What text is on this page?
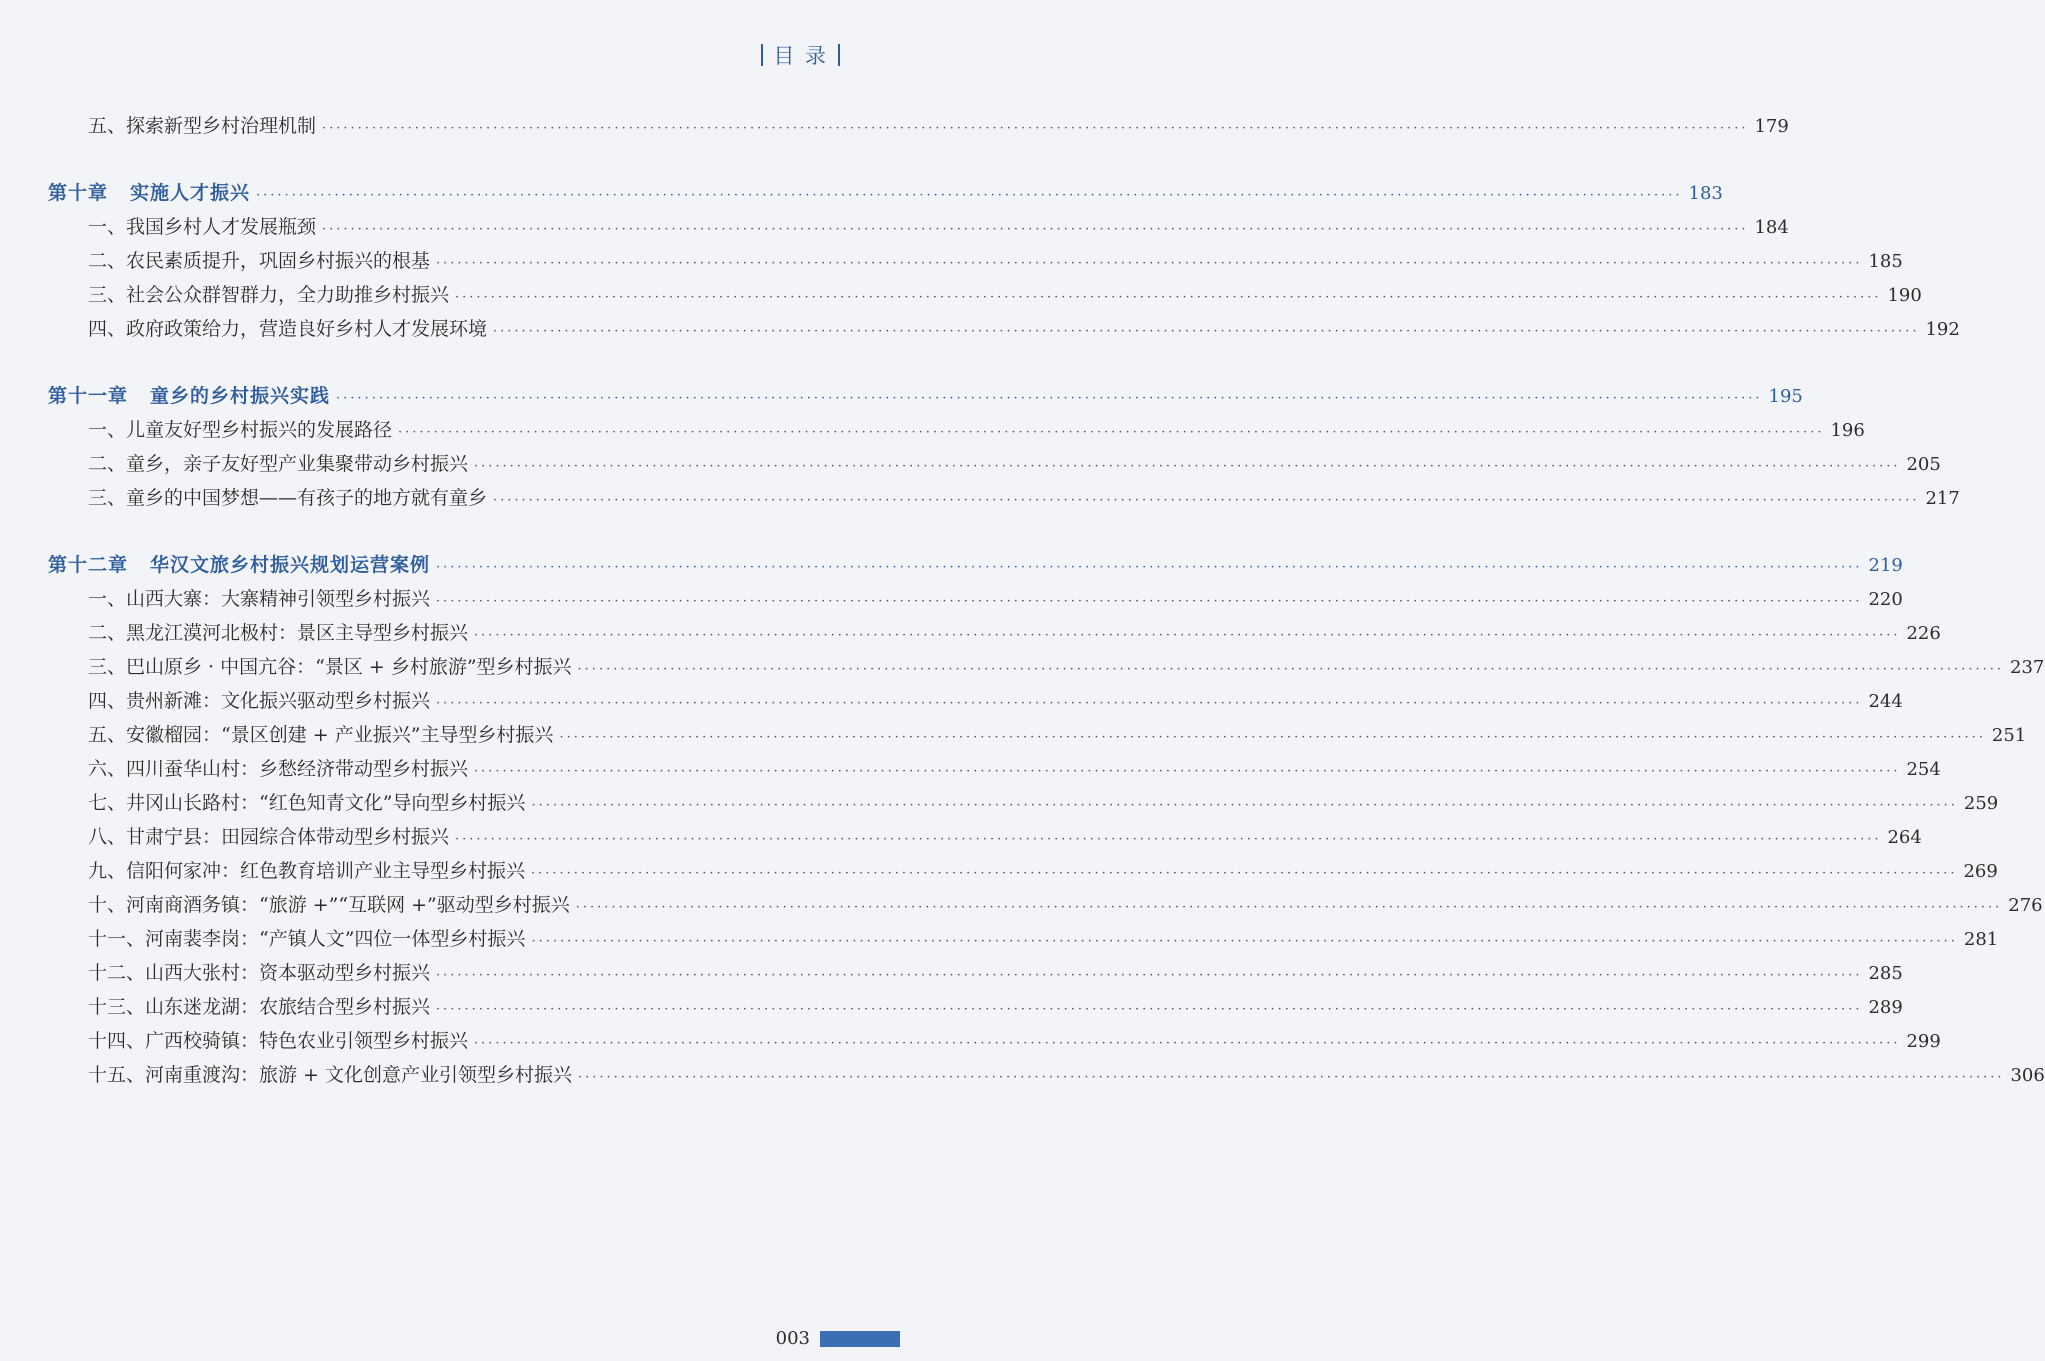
目 录
五、探索新型乡村治理机制 ········································································································································································································ 179
第十章 实施人才振兴 ········································································································································································································ 183
一、我国乡村人才发展瓶颈 ········································································································································································································ 184
二、农民素质提升，巩固乡村振兴的根基 ········································································································································································································ 185
三、社会公众群智群力，全力助推乡村振兴 ········································································································································································································ 190
四、政府政策给力，营造良好乡村人才发展环境 ········································································································································································································ 192
第十一章 童乡的乡村振兴实践 ········································································································································································································ 195
一、儿童友好型乡村振兴的发展路径 ········································································································································································································ 196
二、童乡，亲子友好型产业集聚带动乡村振兴 ········································································································································································································ 205
三、童乡的中国梦想——有孩子的地方就有童乡 ········································································································································································································ 217
第十二章 华汉文旅乡村振兴规划运营案例 ········································································································································································································ 219
一、山西大寨：大寨精神引领型乡村振兴 ········································································································································································································ 220
二、黑龙江漠河北极村：景区主导型乡村振兴 ········································································································································································································ 226
三、巴山原乡 · 中国亢谷：“景区 + 乡村旅游”型乡村振兴 ········································································································································································································ 237
四、贵州新滩：文化振兴驱动型乡村振兴 ········································································································································································································ 244
五、安徽榴园：“景区创建 + 产业振兴”主导型乡村振兴 ········································································································································································································ 251
六、四川蚕华山村：乡愁经济带动型乡村振兴 ········································································································································································································ 254
七、井冈山长路村：“红色知青文化”导向型乡村振兴 ········································································································································································································ 259
八、甘肃宁县：田园综合体带动型乡村振兴 ········································································································································································································ 264
九、信阳何家冲：红色教育培训产业主导型乡村振兴 ········································································································································································································ 269
十、河南商酒务镇：“旅游 +”“互联网 +”驱动型乡村振兴 ········································································································································································································ 276
十一、河南裴李岗：“产镇人文”四位一体型乡村振兴 ········································································································································································································ 281
十二、山西大张村：资本驱动型乡村振兴 ········································································································································································································ 285
十三、山东迷龙湖：农旅结合型乡村振兴 ········································································································································································································ 289
十四、广西校骑镇：特色农业引领型乡村振兴 ········································································································································································································ 299
十五、河南重渡沟：旅游 + 文化创意产业引领型乡村振兴 ········································································································································································································ 306
003
